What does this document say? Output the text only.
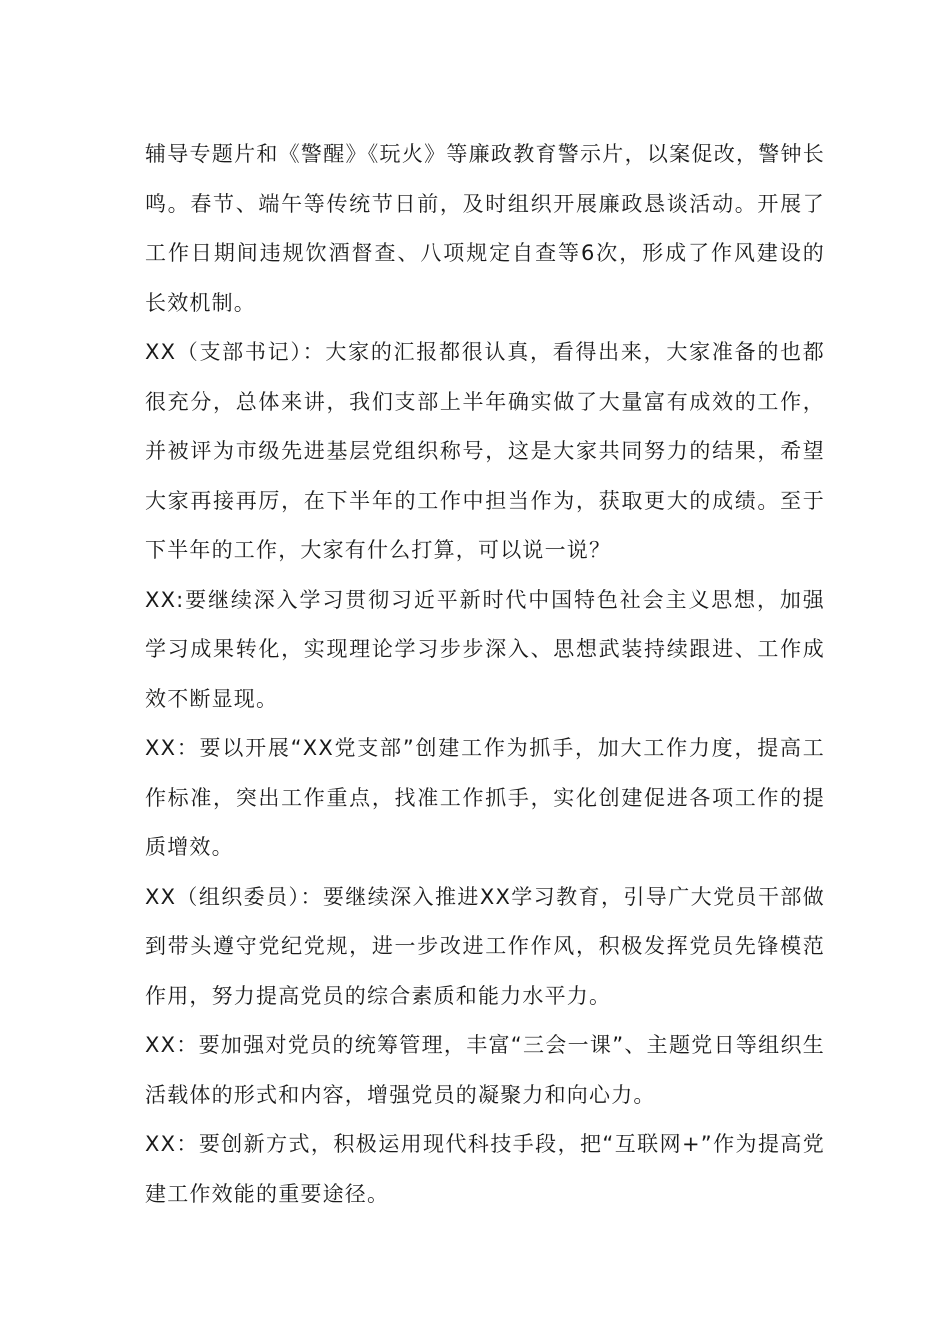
辅导专题片和《警醒》《玩火》等廉政教育警示片，以案促改，警钟长鸣。春节、端午等传统节日前，及时组织开展廉政恳谈活动。开展了工作日期间违规饮酒督查、八项规定自查等6次，形成了作风建设的长效机制。

XX（支部书记）：大家的汇报都很认真，看得出来，大家准备的也都很充分，总体来讲，我们支部上半年确实做了大量富有成效的工作，并被评为市级先进基层党组织称号，这是大家共同努力的结果，希望大家再接再厉，在下半年的工作中担当作为，获取更大的成绩。至于下半年的工作，大家有什么打算，可以说一说？

XX:要继续深入学习贯彻习近平新时代中国特色社会主义思想，加强学习成果转化，实现理论学习步步深入、思想武装持续跟进、工作成效不断显现。

XX：要以开展“XX党支部”创建工作为抓手，加大工作力度，提高工作标准，突出工作重点，找准工作抓手，实化创建促进各项工作的提质增效。

XX（组织委员）：要继续深入推进XX学习教育，引导广大党员干部做到带头遵守党纪党规，进一步改进工作作风，积极发挥党员先锋模范作用，努力提高党员的综合素质和能力水平力。

XX：要加强对党员的统筹管理，丰富“三会一课”、主题党日等组织生活载体的形式和内容，增强党员的凝聚力和向心力。

XX：要创新方式，积极运用现代科技手段，把“互联网+”作为提高党建工作效能的重要途径。
